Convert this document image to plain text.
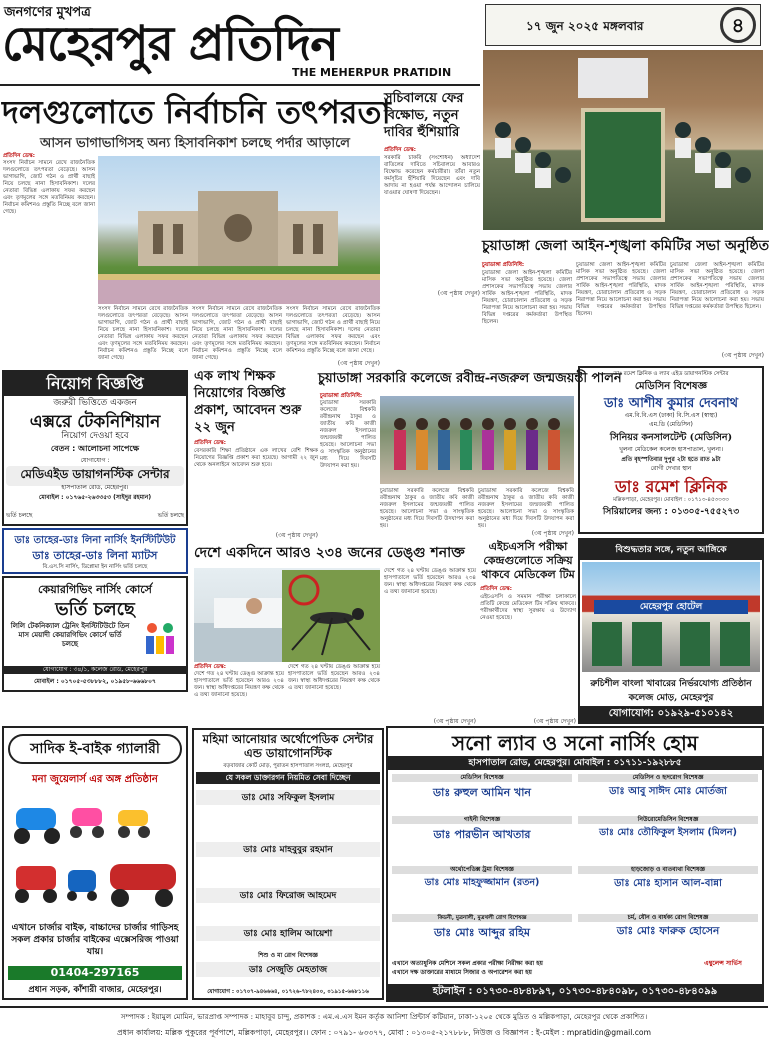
জনগণের মুখপত্র
মেহেরপুর প্রতিদিন
THE MEHERPUR PRATIDIN
১৭ জুন ২০২৫ মঙ্গলবার	৪
দলগুলোতে নির্বাচনি তৎপরতা
আসন ভাগাভাগিসহ অন্য হিসাবনিকাশ চলছে পর্দার আড়ালে
প্রতিদিন ডেস্ক:
সংসদ নির্বাচন সামনে রেখে রাজনৈতিক দলগুলোতে তৎপরতা বেড়েছে। আসন ভাগাভাগি, জোট গঠন ও প্রার্থী বাছাই নিয়ে চলছে নানা হিসাবনিকাশ। দলের নেতারা বিভিন্ন এলাকায় সফর করছেন এবং তৃণমূলের সঙ্গে মতবিনিময় করছেন। নির্বাচন কমিশনও প্রস্তুতি নিচ্ছে বলে জানা গেছে।
সংসদ নির্বাচন সামনে রেখে রাজনৈতিক দলগুলোতে তৎপরতা বেড়েছে। আসন ভাগাভাগি, জোট গঠন ও প্রার্থী বাছাই নিয়ে চলছে নানা হিসাবনিকাশ। দলের নেতারা বিভিন্ন এলাকায় সফর করছেন এবং তৃণমূলের সঙ্গে মতবিনিময় করছেন। নির্বাচন কমিশনও প্রস্তুতি নিচ্ছে বলে জানা গেছে।
সংসদ নির্বাচন সামনে রেখে রাজনৈতিক দলগুলোতে তৎপরতা বেড়েছে। আসন ভাগাভাগি, জোট গঠন ও প্রার্থী বাছাই নিয়ে চলছে নানা হিসাবনিকাশ। দলের নেতারা বিভিন্ন এলাকায় সফর করছেন এবং তৃণমূলের সঙ্গে মতবিনিময় করছেন। নির্বাচন কমিশনও প্রস্তুতি নিচ্ছে বলে জানা গেছে।
সংসদ নির্বাচন সামনে রেখে রাজনৈতিক দলগুলোতে তৎপরতা বেড়েছে। আসন ভাগাভাগি, জোট গঠন ও প্রার্থী বাছাই নিয়ে চলছে নানা হিসাবনিকাশ। দলের নেতারা বিভিন্ন এলাকায় সফর করছেন এবং তৃণমূলের সঙ্গে মতবিনিময় করছেন। নির্বাচন কমিশনও প্রস্তুতি নিচ্ছে বলে জানা গেছে।
(৩য় পৃষ্ঠায় দেখুন)
সচিবালয়ে ফের বিক্ষোভ, নতুন দাবির হুঁশিয়ারি
প্রতিদিন ডেস্ক:
সরকারি চাকরি (সংশোধন) অধ্যাদেশ বাতিলের দাবিতে সচিবালয়ে আবারও বিক্ষোভ করেছেন কর্মচারীরা। তাঁরা নতুন কর্মসূচির হুঁশিয়ারি দিয়েছেন এবং দাবি আদায় না হওয়া পর্যন্ত আন্দোলন চালিয়ে যাওয়ার ঘোষণা দিয়েছেন।
(৩য় পৃষ্ঠায় দেখুন)
চুয়াডাঙ্গা জেলা আইন-শৃঙ্খলা কমিটির সভা অনুষ্ঠিত
চুয়াডাঙ্গা প্রতিনিধি:
চুয়াডাঙ্গা জেলা আইন-শৃঙ্খলা কমিটির মাসিক সভা অনুষ্ঠিত হয়েছে। জেলা প্রশাসকের সভাপতিত্বে সভায় জেলার সার্বিক আইন-শৃঙ্খলা পরিস্থিতি, মাদক নিয়ন্ত্রণ, চোরাচালান প্রতিরোধ ও সড়ক নিরাপত্তা নিয়ে আলোচনা করা হয়। সভায় বিভিন্ন দপ্তরের কর্মকর্তারা উপস্থিত ছিলেন।
চুয়াডাঙ্গা জেলা আইন-শৃঙ্খলা কমিটির মাসিক সভা অনুষ্ঠিত হয়েছে। জেলা প্রশাসকের সভাপতিত্বে সভায় জেলার সার্বিক আইন-শৃঙ্খলা পরিস্থিতি, মাদক নিয়ন্ত্রণ, চোরাচালান প্রতিরোধ ও সড়ক নিরাপত্তা নিয়ে আলোচনা করা হয়। সভায় বিভিন্ন দপ্তরের কর্মকর্তারা উপস্থিত ছিলেন।
চুয়াডাঙ্গা জেলা আইন-শৃঙ্খলা কমিটির মাসিক সভা অনুষ্ঠিত হয়েছে। জেলা প্রশাসকের সভাপতিত্বে সভায় জেলার সার্বিক আইন-শৃঙ্খলা পরিস্থিতি, মাদক নিয়ন্ত্রণ, চোরাচালান প্রতিরোধ ও সড়ক নিরাপত্তা নিয়ে আলোচনা করা হয়। সভায় বিভিন্ন দপ্তরের কর্মকর্তারা উপস্থিত ছিলেন।
(৩য় পৃষ্ঠায় দেখুন)
নিয়োগ বিজ্ঞপ্তি
জরুরী ভিত্তিতে একজন
এক্সরে টেকনিশিয়ান
নিয়োগ দেওয়া হবে
বেতন : আলোচনা সাপেক্ষে
যোগাযোগ :
মেডিএইড ডায়াগনস্টিক সেন্টার
হাসপাতাল রোড, মেহেরপুর।
মোবাইল : ০১৭৬৫-২৬৩৩৫৩ (সাইদুর রহমান)
ভর্তি চলছে	ভর্তি চলছে
ডাঃ তাহের-ডাঃ লিনা নার্সিং ইনস্টিটিউট
ডাঃ তাহের-ডাঃ লিনা ম্যাটস
বি.এস.সি নার্সিং, ডিপ্লোমা ইন নার্সিং ভর্তি চলছে
কেয়ারগিভিং নার্সিং কোর্সে
ভর্তি চলছে
লিলি টেকনিক্যাল ট্রেনিং ইনস্টিটিউটে তিন মাস মেয়াদী কেয়ারগিভিং কোর্সে ভর্তি চলছে
যোগাযোগ : ৩৪/১, কলেজ রোড, মেহেরপুর
মোবাইল : ০১৭০৫-৫৩৮৮৮২, ০১৯৫৮-৬৬৬৮০৭
এক লাখ শিক্ষক নিয়োগের বিজ্ঞপ্তি প্রকাশ, আবেদন শুরু ২২ জুন
প্রতিদিন ডেস্ক:
বেসরকারি শিক্ষা প্রতিষ্ঠানে এক লাখের বেশি শিক্ষক নিয়োগের বিজ্ঞপ্তি প্রকাশ করা হয়েছে। আগামী ২২ জুন থেকে অনলাইনে আবেদন শুরু হবে।
(৩য় পৃষ্ঠায় দেখুন)
চুয়াডাঙ্গা সরকারি কলেজে রবীন্দ্র-নজরুল জন্মজয়ন্তী পালন
চুয়াডাঙ্গা প্রতিনিধি:
চুয়াডাঙ্গা সরকারি কলেজে বিশ্বকবি রবীন্দ্রনাথ ঠাকুর ও জাতীয় কবি কাজী নজরুল ইসলামের জন্মজয়ন্তী পালিত হয়েছে। আলোচনা সভা ও সাংস্কৃতিক অনুষ্ঠানের মধ্য দিয়ে দিবসটি উদযাপন করা হয়।
চুয়াডাঙ্গা সরকারি কলেজে বিশ্বকবি রবীন্দ্রনাথ ঠাকুর ও জাতীয় কবি কাজী নজরুল ইসলামের জন্মজয়ন্তী পালিত হয়েছে। আলোচনা সভা ও সাংস্কৃতিক অনুষ্ঠানের মধ্য দিয়ে দিবসটি উদযাপন করা হয়।
চুয়াডাঙ্গা সরকারি কলেজে বিশ্বকবি রবীন্দ্রনাথ ঠাকুর ও জাতীয় কবি কাজী নজরুল ইসলামের জন্মজয়ন্তী পালিত হয়েছে। আলোচনা সভা ও সাংস্কৃতিক অনুষ্ঠানের মধ্য দিয়ে দিবসটি উদযাপন করা হয়।
(৩য় পৃষ্ঠায় দেখুন)
ডাঃ রমেশ ক্লিনিক ও ল্যাব এইড ডায়াগনস্টিক সেন্টার
মেডিসিন বিশেষজ্ঞ
ডাঃ আশীষ কুমার দেবনাথ
এম.বি.বি.এস (ঢাকা) বি.সি.এস (স্বাস্থ্য)
এম.ডি (মেডিসিন)
সিনিয়র কনসালটেন্ট (মেডিসিন)
খুলনা মেডিকেল কলেজ হাসপাতাল, খুলনা।
প্রতি বৃহস্পতিবার দুপুর ২টা হতে রাত ৯টা
রোগী দেখার স্থান
ডাঃ রমেশ ক্লিনিক
মল্লিকপাড়া, মেহেরপুর। মোবাইল : ০১৭১৩-৪৫৩৩৩৩
সিরিয়ালের জন্য : ০১৩০৫-৭৫৫২৭৩
দেশে একদিনে আরও ২৩৪ জনের ডেঙ্গু শনাক্ত
প্রতিদিন ডেস্ক:
দেশে গত ২৪ ঘণ্টায় ডেঙ্গু আক্রান্ত হয়ে হাসপাতালে ভর্তি হয়েছেন আরও ২৩৪ জন। স্বাস্থ্য অধিদপ্তরের নিয়ন্ত্রণ কক্ষ থেকে এ তথ্য জানানো হয়েছে।
দেশে গত ২৪ ঘণ্টায় ডেঙ্গু আক্রান্ত হয়ে হাসপাতালে ভর্তি হয়েছেন আরও ২৩৪ জন। স্বাস্থ্য অধিদপ্তরের নিয়ন্ত্রণ কক্ষ থেকে এ তথ্য জানানো হয়েছে।
দেশে গত ২৪ ঘণ্টায় ডেঙ্গু আক্রান্ত হয়ে হাসপাতালে ভর্তি হয়েছেন আরও ২৩৪ জন। স্বাস্থ্য অধিদপ্তরের নিয়ন্ত্রণ কক্ষ থেকে এ তথ্য জানানো হয়েছে।
(৩য় পৃষ্ঠায় দেখুন)
এইচএসসি পরীক্ষা কেন্দ্রগুলোতে সক্রিয় থাকবে মেডিকেল টিম
প্রতিদিন ডেস্ক:
এইচএসসি ও সমমান পরীক্ষা চলাকালে প্রতিটি কেন্দ্রে মেডিকেল টিম সক্রিয় থাকবে। পরীক্ষার্থীদের স্বাস্থ্য সুরক্ষায় এ উদ্যোগ নেওয়া হয়েছে।
(৩য় পৃষ্ঠায় দেখুন)
বিশুদ্ধতার সঙ্গে, নতুন আঙ্গিকে
মেহেরপুর হোটেল
রুচিশীল বাংলা খাবারের নির্ভরযোগ্য প্রতিষ্ঠান
কলেজ মোড়, মেহেরপুর
যোগাযোগ: ০১৯২৯-৫১০১৪২
সাদিক ই-বাইক গ্যালারী
মনা জুয়েলার্স এর অঙ্গ প্রতিষ্ঠান
এখানে চার্জার বাইক, বাচ্চাদের চার্জার গাড়িসহ সকল প্রকার চার্জার বাইকের এক্সেসরিজ পাওয়া যায়।
01404-297165
প্রধান সড়ক, কাঁশারী বাজার, মেহেরপুর।
মহিমা আনোয়ার অর্থোপেডিক সেন্টার এন্ড ডায়াগোনস্টিক
বড়বাজার কোর্ট মোড়, পুরাতন হাসপাতাল সংলগ্ন, মেহেরপুর
যে সকল ডাক্তারগন নিয়মিত সেবা দিচ্ছেন
ডাঃ মোঃ সফিকুল ইসলাম
ডাঃ মোঃ মাহবুবুর রহমান
ডাঃ মোঃ ফিরোজ আহমেদ
ডাঃ মোঃ হালিম আয়েশা
শিশু ও মা রোগ বিশেষজ্ঞ
ডাঃ সেজুতি মেহতাজ
যোগাযোগ : ০১৭০৭-৯৪৬৬৬৪, ০১৭২৬-৭৮২৪০০, ০১৯১৫-৬৬৮১১৬
সনো ল্যাব ও সনো নার্সিং হোম
হাসপাতাল রোড, মেহেরপুর। মোবাইল : ০১৭১১-১৯২৮৮৫
মেডিসিন বিশেষজ্ঞ
ডাঃ রুহুল আমিন খান
মেডিসিন ও হৃদরোগ বিশেষজ্ঞ
ডাঃ আবু সাঈদ মোঃ মোর্তজা
গাইনী বিশেষজ্ঞ
ডাঃ পারভীন আখতার
নিউরোমেডিসিন বিশেষজ্ঞ
ডাঃ মোঃ তৌফিকুল ইসলাম (মিলন)
অর্থোপেডিক্স ট্রমা বিশেষজ্ঞ
ডাঃ মোঃ মাহফুজ্জামান (রতন)
হাড়জোড় ও বাতব্যথা বিশেষজ্ঞ
ডাঃ মোঃ হাসান আল-বান্না
কিডনী, মুত্রনালী, মুত্রথলী রোগ বিশেষজ্ঞ
ডাঃ মোঃ আব্দুর রহিম
চর্ম, যৌন ও বার্ধক্য রোগ বিশেষজ্ঞ
ডাঃ মোঃ ফারুক হোসেন
এখানে অত্যাধুনিক মেশিনে সকল প্রকার পরীক্ষা নিরীক্ষা করা হয়
এখানে দক্ষ ডাক্তারের মাধ্যমে সিজার ও অপারেশন করা হয়
এম্বুলেন্স সার্ভিস
হটলাইন : ০১৭৩০-৪৮৪৮৯৭, ০১৭৩০-৪৮৪০৯৮, ০১৭৩০-৪৮৪০৯৯
সম্পাদক : ইয়ামুল মোমিন, ভারপ্রাপ্ত সম্পাদক : মাহাবুব চান্দু, প্রকাশক : এম.এ.এস ইমন কর্তৃক আনিশা প্রিন্টার্স কটিয়ান, ঢাকা-১২০৫ থেকে মুদ্রিত ও মল্লিকপাড়া, মেহেরপুর থেকে প্রকাশিত।
প্রধান কার্যালয়: মল্লিক পুকুরের পূর্বপাশে, মল্লিকপাড়া, মেহেরপুর।। ফোন : ০৭৯১- ৬৩৩৭৭, মোবা : ০১৩০৫-২১৭৮৮৮, নিউজ ও বিজ্ঞাপন : ই-মেইল : mpratidin@gmail.com
